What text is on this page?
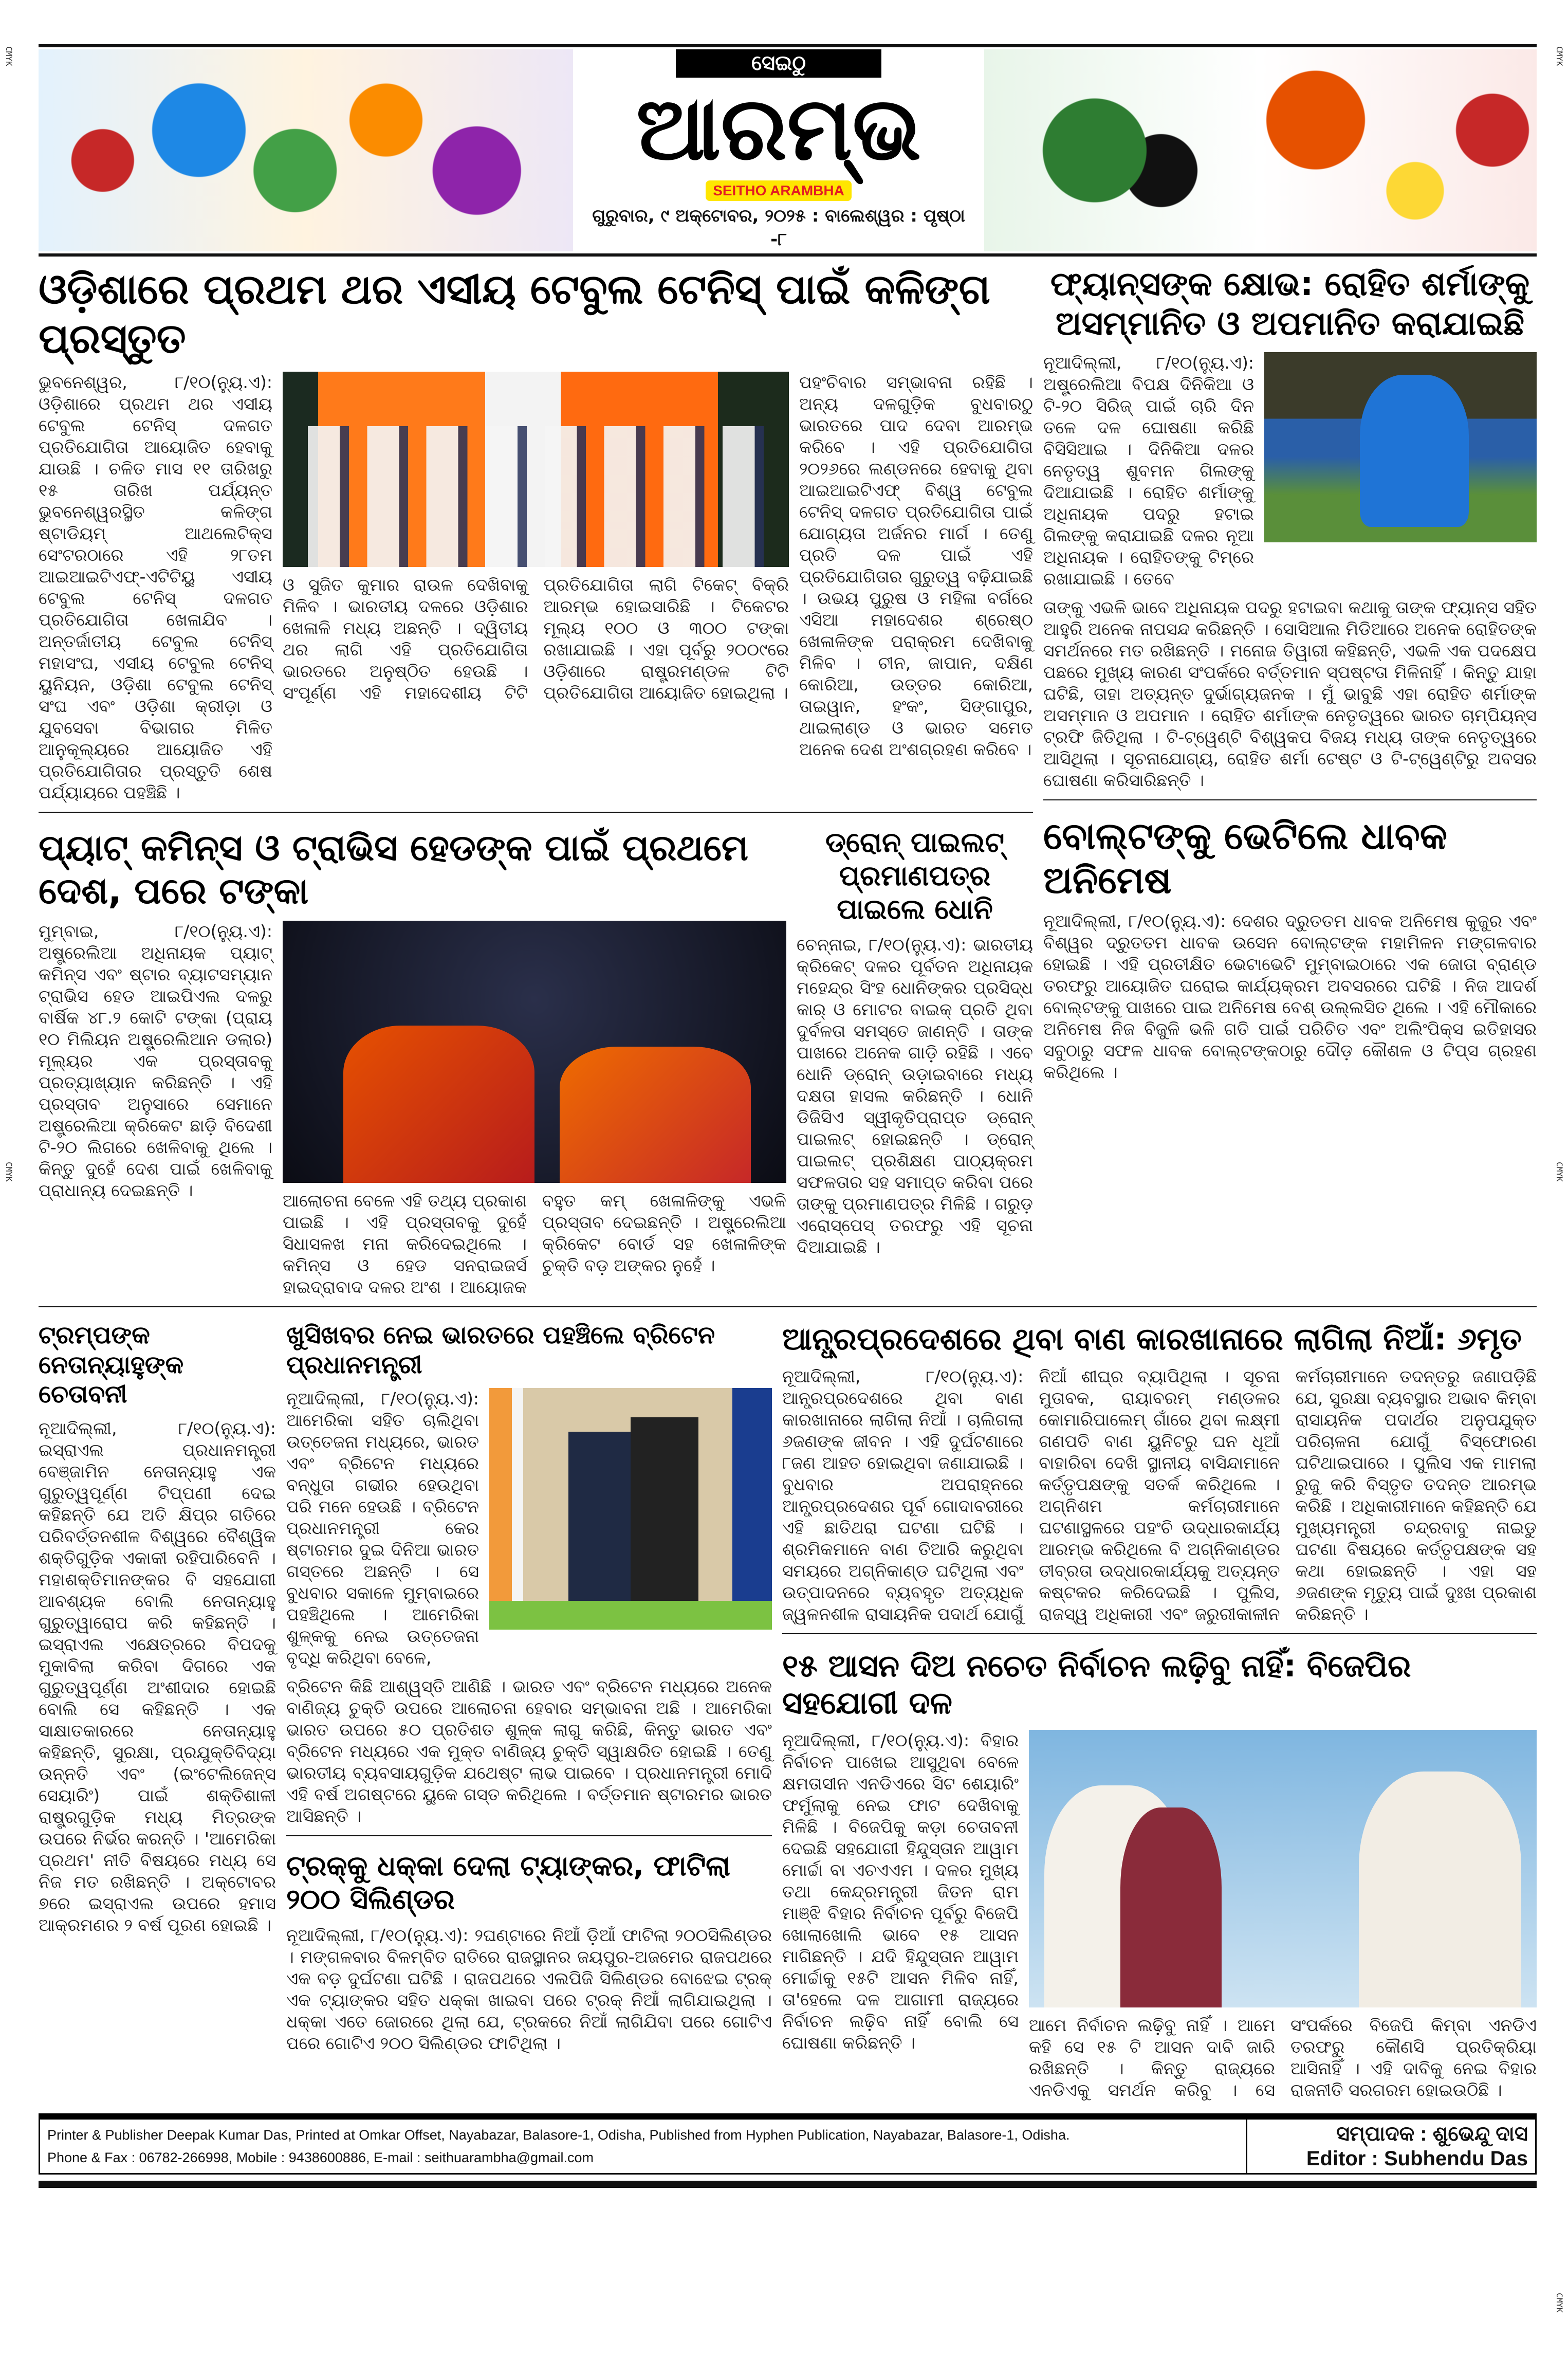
CMYK	CMYK
CMYK	CMYK
CMYK
ସେଇଠୁ
ଆରମ୍ଭ
SEITHO ARAMBHA
ଗୁରୁବାର, ୯ ଅକ୍ଟୋବର, ୨୦୨୫ : ବାଲେଶ୍ୱର : ପୃଷ୍ଠା -୮
ଓଡ଼ିଶାରେ ପ୍ରଥମ ଥର ଏସୀୟ ଟେବୁଲ ଟେନିସ୍ ପାଇଁ କଳିଙ୍ଗ ପ୍ରସ୍ତୁତ
ଭୁବନେଶ୍ୱର, ୮/୧୦(ନ୍ୟୁ.ଏ): ଓଡ଼ିଶାରେ ପ୍ରଥମ ଥର ଏସୀୟ ଟେବୁଲ ଟେନିସ୍ ଦଳଗତ ପ୍ରତିଯୋଗିତା ଆୟୋଜିତ ହେବାକୁ ଯାଉଛି । ଚଳିତ ମାସ ୧୧ ତାରିଖରୁ ୧୫ ତାରିଖ ପର୍ଯ୍ୟନ୍ତ ଭୁବନେଶ୍ୱରସ୍ଥିତ କଳିଙ୍ଗ ଷ୍ଟାଡିୟମ୍ ଆଥଲେଟିକ୍ସ ସେଂଟରଠାରେ ଏହି ୨୮ତମ ଆଇଆଇଟିଏଫ୍-ଏଟିଟିୟୁ ଏସୀୟ ଟେବୁଲ ଟେନିସ୍ ଦଳଗତ ପ୍ରତିଯୋଗିତା ଖେଳାଯିବ । ଅନ୍ତର୍ଜାତୀୟ ଟେବୁଲ ଟେନିସ୍ ମହାସଂଘ, ଏସୀୟ ଟେବୁଲ ଟେନିସ୍ ୟୁନିୟନ, ଓଡ଼ିଶା ଟେବୁଲ ଟେନିସ୍ ସଂଘ ଏବଂ ଓଡ଼ିଶା କ୍ରୀଡ଼ା ଓ ଯୁବସେବା ବିଭାଗର ମିଳିତ ଆନୁକୂଲ୍ୟରେ ଆୟୋଜିତ ଏହି ପ୍ରତିଯୋଗିତାର ପ୍ରସ୍ତୁତି ଶେଷ ପର୍ଯ୍ୟାୟରେ ପହଞ୍ଚିଛି ।
ଓ ସୁଜିତ କୁମାର ରାଉଳ ଦେଖିବାକୁ ମିଳିବ । ଭାରତୀୟ ଦଳରେ ଓଡ଼ିଶାର ଖେଳାଳି ମଧ୍ୟ ଅଛନ୍ତି । ଦ୍ୱିତୀୟ ଥର ଲାଗି ଏହି ପ୍ରତିଯୋଗିତା ଭାରତରେ ଅନୁଷ୍ଠିତ ହେଉଛି । ସଂପୂର୍ଣ୍ଣ ଏହି ମହାଦେଶୀୟ ଟିଟି ପ୍ରତିଯୋଗିତା ଲାଗି ଟିକେଟ୍ ବିକ୍ରି ଆରମ୍ଭ ହୋଇସାରିଛି । ଟିକେଟର ମୂଲ୍ୟ ୧୦୦ ଓ ୩୦୦ ଟଙ୍କା ରଖାଯାଇଛି । ଏହା ପୂର୍ବରୁ ୨୦୦୯ରେ ଓଡ଼ିଶାରେ ରାଷ୍ଟ୍ରମଣ୍ଡଳ ଟିଟି ପ୍ରତିଯୋଗିତା ଆୟୋଜିତ ହୋଇଥିଲା ।
ପହଂଚିବାର ସମ୍ଭାବନା ରହିଛି । ଅନ୍ୟ ଦଳଗୁଡ଼ିକ ବୁଧବାରଠୁ ଭାରତରେ ପାଦ ଦେବା ଆରମ୍ଭ କରିବେ । ଏହି ପ୍ରତିଯୋଗିତା ୨୦୨୬ରେ ଲଣ୍ଡନରେ ହେବାକୁ ଥିବା ଆଇଆଇଟିଏଫ୍ ବିଶ୍ୱ ଟେବୁଲ ଟେନିସ୍ ଦଳଗତ ପ୍ରତିଯୋଗିତା ପାଇଁ ଯୋଗ୍ୟତା ଅର୍ଜନର ମାର୍ଗ । ତେଣୁ ପ୍ରତି ଦଳ ପାଇଁ ଏହି ପ୍ରତିଯୋଗିତାର ଗୁରୁତ୍ୱ ବଢ଼ିଯାଇଛି । ଉଭୟ ପୁରୁଷ ଓ ମହିଳା ବର୍ଗରେ ଏସିଆ ମହାଦେଶର ଶ୍ରେଷ୍ଠ ଖେଳାଳିଙ୍କ ପରାକ୍ରମ ଦେଖିବାକୁ ମିଳିବ । ଚୀନ, ଜାପାନ, ଦକ୍ଷିଣ କୋରିଆ, ଉତ୍ତର କୋରିଆ, ତାଇୱାନ, ହଂକଂ, ସିଙ୍ଗାପୁର, ଥାଇଲାଣ୍ଡ ଓ ଭାରତ ସମେତ ଅନେକ ଦେଶ ଅଂଶଗ୍ରହଣ କରିବେ ।
ପ୍ୟାଟ୍ କମିନ୍ସ ଓ ଟ୍ରାଭିସ ହେଡଙ୍କ ପାଇଁ ପ୍ରଥମେ ଦେଶ, ପରେ ଟଙ୍କା
ମୁମ୍ବାଇ, ୮/୧୦(ନ୍ୟୁ.ଏ): ଅଷ୍ଟ୍ରେଲିଆ ଅଧିନାୟକ ପ୍ୟାଟ୍ କମିନ୍ସ ଏବଂ ଷ୍ଟାର ବ୍ୟାଟସମ୍ୟାନ ଟ୍ରାଭିସ ହେଡ ଆଇପିଏଲ ଦଳରୁ ବାର୍ଷିକ ୪୮.୨ କୋଟି ଟଙ୍କା (ପ୍ରାୟ ୧୦ ମିଲିୟନ ଅଷ୍ଟ୍ରେଲିଆନ ଡଲାର) ମୂଲ୍ୟର ଏକ ପ୍ରସ୍ତାବକୁ ପ୍ରତ୍ୟାଖ୍ୟାନ କରିଛନ୍ତି । ଏହି ପ୍ରସ୍ତାବ ଅନୁସାରେ ସେମାନେ ଅଷ୍ଟ୍ରେଲିଆ କ୍ରିକେଟ ଛାଡ଼ି ବିଦେଶୀ ଟି-୨୦ ଲିଗରେ ଖେଳିବାକୁ ଥିଲେ । କିନ୍ତୁ ଦୁହେଁ ଦେଶ ପାଇଁ ଖେଳିବାକୁ ପ୍ରାଧାନ୍ୟ ଦେଇଛନ୍ତି ।
ଆଲୋଚନା ବେଳେ ଏହି ତଥ୍ୟ ପ୍ରକାଶ ପାଇଛି । ଏହି ପ୍ରସ୍ତାବକୁ ଦୁହେଁ ସିଧାସଳଖ ମନା କରିଦେଇଥିଲେ । କମିନ୍ସ ଓ ହେଡ ସନରାଇଜର୍ସ ହାଇଦ୍ରାବାଦ ଦଳର ଅଂଶ । ଆୟୋଜକ ବହୁତ କମ୍ ଖେଳାଳିଙ୍କୁ ଏଭଳି ପ୍ରସ୍ତାବ ଦେଇଛନ୍ତି । ଅଷ୍ଟ୍ରେଲିଆ କ୍ରିକେଟ ବୋର୍ଡ ସହ ଖେଳାଳିଙ୍କ ଚୁକ୍ତି ବଡ଼ ଅଙ୍କର ନୁହେଁ ।
ଡ୍ରୋନ୍ ପାଇଲଟ୍ ପ୍ରମାଣପତ୍ର ପାଇଲେ ଧୋନି
ଚେନ୍ନାଇ, ୮/୧୦(ନ୍ୟୁ.ଏ): ଭାରତୀୟ କ୍ରିକେଟ୍ ଦଳର ପୂର୍ବତନ ଅଧିନାୟକ ମହେନ୍ଦ୍ର ସିଂହ ଧୋନିଙ୍କର ପ୍ରସିଦ୍ଧ କାର୍ ଓ ମୋଟର ବାଇକ୍ ପ୍ରତି ଥିବା ଦୁର୍ବଳତା ସମସ୍ତେ ଜାଣନ୍ତି । ତାଙ୍କ ପାଖରେ ଅନେକ ଗାଡ଼ି ରହିଛି । ଏବେ ଧୋନି ଡ୍ରୋନ୍ ଉଡ଼ାଇବାରେ ମଧ୍ୟ ଦକ୍ଷତା ହାସଲ କରିଛନ୍ତି । ଧୋନି ଡିଜିସିଏ ସ୍ୱୀକୃତିପ୍ରାପ୍ତ ଡ୍ରୋନ୍ ପାଇଲଟ୍ ହୋଇଛନ୍ତି । ଡ୍ରୋନ୍ ପାଇଲଟ୍ ପ୍ରଶିକ୍ଷଣ ପାଠ୍ୟକ୍ରମ ସଫଳତାର ସହ ସମାପ୍ତ କରିବା ପରେ ତାଙ୍କୁ ପ୍ରମାଣପତ୍ର ମିଳିଛି । ଗରୁଡ଼ ଏରୋସ୍ପେସ୍ ତରଫରୁ ଏହି ସୂଚନା ଦିଆଯାଇଛି ।
ଫ୍ୟାନ୍ସଙ୍କ କ୍ଷୋଭ: ରୋହିତ ଶର୍ମାଙ୍କୁ ଅସମ୍ମାନିତ ଓ ଅପମାନିତ କରାଯାଇଛି
ନୂଆଦିଲ୍ଲୀ, ୮/୧୦(ନ୍ୟୁ.ଏ): ଅଷ୍ଟ୍ରେଲିଆ ବିପକ୍ଷ ଦିନିକିଆ ଓ ଟି-୨୦ ସିରିଜ୍ ପାଇଁ ଚାରି ଦିନ ତଳେ ଦଳ ଘୋଷଣା କରିଛି ବିସିସିଆଇ । ଦିନିକିଆ ଦଳର ନେତୃତ୍ୱ ଶୁବମନ ଗିଲଙ୍କୁ ଦିଆଯାଇଛି । ରୋହିତ ଶର୍ମାଙ୍କୁ ଅଧିନାୟକ ପଦରୁ ହଟାଇ ଗିଲଙ୍କୁ କରାଯାଇଛି ଦଳର ନୂଆ ଅଧିନାୟକ । ରୋହିତଙ୍କୁ ଟିମ୍‌ରେ ରଖାଯାଇଛି । ତେବେ
ତାଙ୍କୁ ଏଭଳି ଭାବେ ଅଧିନାୟକ ପଦରୁ ହଟାଇବା କଥାକୁ ତାଙ୍କ ଫ୍ୟାନ୍ସ ସହିତ ଆହୁରି ଅନେକ ନାପସନ୍ଦ କରିଛନ୍ତି । ସୋସିଆଲ ମିଡିଆରେ ଅନେକ ରୋହିତଙ୍କ ସମର୍ଥନରେ ମତ ରଖିଛନ୍ତି । ମନୋଜ ତିୱାରୀ କହିଛନ୍ତି, ଏଭଳି ଏକ ପଦକ୍ଷେପ ପଛରେ ମୁଖ୍ୟ କାରଣ ସଂପର୍କରେ ବର୍ତ୍ତମାନ ସ୍ପଷ୍ଟତା ମିଳିନାହିଁ । କିନ୍ତୁ ଯାହା ଘଟିଛି, ତାହା ଅତ୍ୟନ୍ତ ଦୁର୍ଭାଗ୍ୟଜନକ । ମୁଁ ଭାବୁଛି ଏହା ରୋହିତ ଶର୍ମାଙ୍କ ଅସମ୍ମାନ ଓ ଅପମାନ । ରୋହିତ ଶର୍ମାଙ୍କ ନେତୃତ୍ୱରେ ଭାରତ ଚାମ୍ପିୟନ୍ସ ଟ୍ରଫି ଜିତିଥିଲା । ଟି-ଟ୍ୱେଣ୍ଟି ବିଶ୍ୱକପ ବିଜୟ ମଧ୍ୟ ତାଙ୍କ ନେତୃତ୍ୱରେ ଆସିଥିଲା । ସୂଚନାଯୋଗ୍ୟ, ରୋହିତ ଶର୍ମା ଟେଷ୍ଟ ଓ ଟି-ଟ୍ୱେଣ୍ଟିରୁ ଅବସର ଘୋଷଣା କରିସାରିଛନ୍ତି ।
ବୋଲ୍ଟଙ୍କୁ ଭେଟିଲେ ଧାବକ ଅନିମେଷ
ନୂଆଦିଲ୍ଲୀ, ୮/୧୦(ନ୍ୟୁ.ଏ): ଦେଶର ଦ୍ରୁତତମ ଧାବକ ଅନିମେଷ କୁଜୁର ଏବଂ ବିଶ୍ୱର ଦ୍ରୁତତମ ଧାବକ ଉସେନ ବୋଲ୍ଟଙ୍କ ମହାମିଳନ ମଙ୍ଗଳବାର ହୋଇଛି । ଏହି ପ୍ରତୀକ୍ଷିତ ଭେଟାଭେଟି ମୁମ୍ବାଇଠାରେ ଏକ ଜୋତା ବ୍ରାଣ୍ଡ ତରଫରୁ ଆୟୋଜିତ ଘରୋଇ କାର୍ଯ୍ୟକ୍ରମ ଅବସରରେ ଘଟିଛି । ନିଜ ଆଦର୍ଶ ବୋଲ୍ଟଙ୍କୁ ପାଖରେ ପାଇ ଅନିମେଷ ବେଶ୍ ଉଲ୍ଲସିତ ଥିଲେ । ଏହି ମୌକାରେ ଅନିମେଷ ନିଜ ବିଜୁଳି ଭଳି ଗତି ପାଇଁ ପରିଚିତ ଏବଂ ଅଲିଂପିକ୍ସ ଇତିହାସର ସବୁଠାରୁ ସଫଳ ଧାବକ ବୋଲ୍ଟଙ୍କଠାରୁ ଦୌଡ଼ କୌଶଳ ଓ ଟିପ୍ସ ଗ୍ରହଣ କରିଥିଲେ ।
ଟ୍ରମ୍ପଙ୍କ ନେତାନ୍ୟାହୁଙ୍କ ଚେତାବନୀ
ନୂଆଦିଲ୍ଲୀ, ୮/୧୦(ନ୍ୟୁ.ଏ): ଇସ୍ରାଏଲ ପ୍ରଧାନମନ୍ତ୍ରୀ ବେଞ୍ଜାମିନ ନେତାନ୍ୟାହୁ ଏକ ଗୁରୁତ୍ୱପୂର୍ଣ୍ଣ ଟିପ୍ପଣୀ ଦେଇ କହିଛନ୍ତି ଯେ ଅତି କ୍ଷିପ୍ର ଗତିରେ ପରିବର୍ତ୍ତନଶୀଳ ବିଶ୍ୱରେ ବୈଶ୍ୱିକ ଶକ୍ତିଗୁଡ଼ିକ ଏକାକୀ ରହିପାରିବେନି । ମହାଶକ୍ତିମାନଙ୍କର ବି ସହଯୋଗୀ ଆବଶ୍ୟକ ବୋଲି ନେତାନ୍ୟାହୁ ଗୁରୁତ୍ୱାରୋପ କରି କହିଛନ୍ତି । ଇସ୍ରାଏଲ ଏକ୍ଷେତ୍ରରେ ବିପଦକୁ ମୁକାବିଲା କରିବା ଦିଗରେ ଏକ ଗୁରୁତ୍ୱପୂର୍ଣ୍ଣ ଅଂଶୀଦାର ହୋଇଛି ବୋଲି ସେ କହିଛନ୍ତି । ଏକ ସାକ୍ଷାତକାରରେ ନେତାନ୍ୟାହୁ କହିଛନ୍ତି, ସୁରକ୍ଷା, ପ୍ରଯୁକ୍ତିବିଦ୍ୟା ଉନ୍ନତି ଏବଂ (ଇଂଟେଲିଜେନ୍ସ ସେୟାରିଂ) ପାଇଁ ଶକ୍ତିଶାଳୀ ରାଷ୍ଟ୍ରଗୁଡ଼ିକ ମଧ୍ୟ ମିତ୍ରଙ୍କ ଉପରେ ନିର୍ଭର କରନ୍ତି । 'ଆମେରିକା ପ୍ରଥମ' ନୀତି ବିଷୟରେ ମଧ୍ୟ ସେ ନିଜ ମତ ରଖିଛନ୍ତି । ଅକ୍ଟୋବର ୭ରେ ଇସ୍ରାଏଲ ଉପରେ ହମାସ ଆକ୍ରମଣର ୨ ବର୍ଷ ପୂରଣ ହୋଇଛି ।
ଖୁସିଖବର ନେଇ ଭାରତରେ ପହଞ୍ଚିଲେ ବ୍ରିଟେନ ପ୍ରଧାନମନ୍ତ୍ରୀ
ନୂଆଦିଲ୍ଲୀ, ୮/୧୦(ନ୍ୟୁ.ଏ): ଆମେରିକା ସହିତ ଚାଲିଥିବା ଉତ୍ତେଜନା ମଧ୍ୟରେ, ଭାରତ ଏବଂ ବ୍ରିଟେନ ମଧ୍ୟରେ ବନ୍ଧୁତା ଗଭୀର ହେଉଥିବା ପରି ମନେ ହେଉଛି । ବ୍ରିଟେନ ପ୍ରଧାନମନ୍ତ୍ରୀ କେର ଷ୍ଟାରମର ଦୁଇ ଦିନିଆ ଭାରତ ଗସ୍ତରେ ଅଛନ୍ତି । ସେ ବୁଧବାର ସକାଳେ ମୁମ୍ବାଇରେ ପହଞ୍ଚିଥିଲେ । ଆମେରିକା ଶୁଳ୍କକୁ ନେଇ ଉତ୍ତେଜନା ବୃଦ୍ଧି କରିଥିବା ବେଳେ,
ବ୍ରିଟେନ କିଛି ଆଶ୍ୱସ୍ତି ଆଣିଛି । ଭାରତ ଏବଂ ବ୍ରିଟେନ ମଧ୍ୟରେ ଅନେକ ବାଣିଜ୍ୟ ଚୁକ୍ତି ଉପରେ ଆଲୋଚନା ହେବାର ସମ୍ଭାବନା ଅଛି । ଆମେରିକା ଭାରତ ଉପରେ ୫୦ ପ୍ରତିଶତ ଶୁଳ୍କ ଲାଗୁ କରିଛି, କିନ୍ତୁ ଭାରତ ଏବଂ ବ୍ରିଟେନ ମଧ୍ୟରେ ଏକ ମୁକ୍ତ ବାଣିଜ୍ୟ ଚୁକ୍ତି ସ୍ୱାକ୍ଷରିତ ହୋଇଛି । ତେଣୁ ଭାରତୀୟ ବ୍ୟବସାୟଗୁଡ଼ିକ ଯଥେଷ୍ଟ ଲାଭ ପାଇବେ । ପ୍ରଧାନମନ୍ତ୍ରୀ ମୋଦି ଏହି ବର୍ଷ ଅଗଷ୍ଟରେ ୟୁକେ ଗସ୍ତ କରିଥିଲେ । ବର୍ତ୍ତମାନ ଷ୍ଟାରମର ଭାରତ ଆସିଛନ୍ତି ।
ଟ୍ରକ୍‌କୁ ଧକ୍କା ଦେଲା ଟ୍ୟାଙ୍କର, ଫାଟିଲା ୨୦୦ ସିଲିଣ୍ଡର
ନୂଆଦିଲ୍ଲୀ, ୮/୧୦(ନ୍ୟୁ.ଏ): ୨ଘଣ୍ଟାରେ ନିଆଁ ଡ଼ିଆଁ ଫାଟିଲା ୨୦୦ସିଲିଣ୍ଡର । ମଙ୍ଗଳବାର ବିଳମ୍ବିତ ରାତିରେ ରାଜସ୍ଥାନର ଜୟପୁର-ଅଜମେର ରାଜପଥରେ ଏକ ବଡ଼ ଦୁର୍ଘଟଣା ଘଟିଛି । ରାଜପଥରେ ଏଲପିଜି ସିଲିଣ୍ଡର ବୋଝେଇ ଟ୍ରକ୍ ଏକ ଟ୍ୟାଙ୍କର ସହିତ ଧକ୍କା ଖାଇବା ପରେ ଟ୍ରକ୍ ନିଆଁ ଲାଗିଯାଇଥିଲା । ଧକ୍କା ଏତେ ଜୋରରେ ଥିଲା ଯେ, ଟ୍ରକରେ ନିଆଁ ଲାଗିଯିବା ପରେ ଗୋଟିଏ ପରେ ଗୋଟିଏ ୨୦୦ ସିଲିଣ୍ଡର ଫାଟିଥିଲା ।
ଆନ୍ଧ୍ରପ୍ରଦେଶରେ ଥିବା ବାଣ କାରଖାନାରେ ଲାଗିଲା ନିଆଁ: ୬ମୃତ
ନୂଆଦିଲ୍ଲୀ, ୮/୧୦(ନ୍ୟୁ.ଏ): ଆନ୍ଧ୍ରପ୍ରଦେଶରେ ଥିବା ବାଣ କାରଖାନାରେ ଲାଗିଲା ନିଆଁ । ଚାଲିଗଲା ୬ଜଣଙ୍କ ଜୀବନ । ଏହି ଦୁର୍ଘଟଣାରେ ୮ଜଣ ଆହତ ହୋଇଥିବା ଜଣାଯାଇଛି । ବୁଧବାର ଅପରାହ୍ନରେ ଆନ୍ଧ୍ରପ୍ରଦେଶର ପୂର୍ବ ଗୋଦାବରୀରେ ଏହି ଛାତିଥରା ଘଟଣା ଘଟିଛି । ଶ୍ରମିକମାନେ ବାଣ ତିଆରି କରୁଥିବା ସମୟରେ ଅଗ୍ନିକାଣ୍ଡ ଘଟିଥିଲା ଏବଂ ଉତ୍ପାଦନରେ ବ୍ୟବହୃତ ଅତ୍ୟଧିକ ଜ୍ୱଳନଶୀଳ ରାସାୟନିକ ପଦାର୍ଥ ଯୋଗୁଁ ନିଆଁ ଶୀଘ୍ର ବ୍ୟାପିଥିଲା । ସୂଚନା ମୁତାବକ, ରାୟାବରମ୍ ମଣ୍ଡଳର କୋମାରିପାଲେମ୍ ଗାଁରେ ଥିବା ଲକ୍ଷ୍ମୀ ଗଣପତି ବାଣ ୟୁନିଟରୁ ଘନ ଧୂଆଁ ବାହାରିବା ଦେଖି ସ୍ଥାନୀୟ ବାସିନ୍ଦାମାନେ କର୍ତ୍ତୃପକ୍ଷଙ୍କୁ ସତର୍କ କରିଥିଲେ । ଅଗ୍ନିଶମ କର୍ମଚାରୀମାନେ ଘଟଣାସ୍ଥଳରେ ପହଂଚି ଉଦ୍ଧାରକାର୍ଯ୍ୟ ଆରମ୍ଭ କରିଥିଲେ ବି ଅଗ୍ନିକାଣ୍ଡର ତୀବ୍ରତା ଉଦ୍ଧାରକାର୍ଯ୍ୟକୁ ଅତ୍ୟନ୍ତ କଷ୍ଟକର କରିଦେଇଛି । ପୁଲିସ, ରାଜସ୍ୱ ଅଧିକାରୀ ଏବଂ ଜରୁରୀକାଳୀନ କର୍ମଚାରୀମାନେ ତଦନ୍ତରୁ ଜଣାପଡ଼ିଛି ଯେ, ସୁରକ୍ଷା ବ୍ୟବସ୍ଥାର ଅଭାବ କିମ୍ବା ରାସାୟନିକ ପଦାର୍ଥର ଅନୁପଯୁକ୍ତ ପରିଚାଳନା ଯୋଗୁଁ ବିସ୍ଫୋରଣ ଘଟିଥାଇପାରେ । ପୁଲିସ ଏକ ମାମଲା ରୁଜୁ କରି ବିସ୍ତୃତ ତଦନ୍ତ ଆରମ୍ଭ କରିଛି । ଅଧିକାରୀମାନେ କହିଛନ୍ତି ଯେ ମୁଖ୍ୟମନ୍ତ୍ରୀ ଚନ୍ଦ୍ରବାବୁ ନାଇଡୁ ଘଟଣା ବିଷୟରେ କର୍ତ୍ତୃପକ୍ଷଙ୍କ ସହ କଥା ହୋଇଛନ୍ତି । ଏହା ସହ ୬ଜଣଙ୍କ ମୃତ୍ୟୁ ପାଇଁ ଦୁଃଖ ପ୍ରକାଶ କରିଛନ୍ତି ।
୧୫ ଆସନ ଦିଅ ନଚେତ ନିର୍ବାଚନ ଲଢ଼ିବୁ ନାହିଁ: ବିଜେପିର ସହଯୋଗୀ ଦଳ
ନୂଆଦିଲ୍ଲୀ, ୮/୧୦(ନ୍ୟୁ.ଏ): ବିହାର ନିର୍ବାଚନ ପାଖେଇ ଆସୁଥିବା ବେଳେ କ୍ଷମତାସୀନ ଏନଡିଏରେ ସିଟ ଶେୟାରିଂ ଫର୍ମୁଲାକୁ ନେଇ ଫାଟ ଦେଖିବାକୁ ମିଳିଛି । ବିଜେପିକୁ କଡ଼ା ଚେତାବନୀ ଦେଇଛି ସହଯୋଗୀ ହିନ୍ଦୁସ୍ତାନ ଆୱାମ ମୋର୍ଚ୍ଚା ବା ଏଚଏଏମ । ଦଳର ମୁଖ୍ୟ ତଥା କେନ୍ଦ୍ରମନ୍ତ୍ରୀ ଜିତନ ରାମ ମାଞ୍ଝି ବିହାର ନିର୍ବାଚନ ପୂର୍ବରୁ ବିଜେପି ଖୋଲାଖୋଲି ଭାବେ ୧୫ ଆସନ ମାଗିଛନ୍ତି । ଯଦି ହିନ୍ଦୁସ୍ତାନ ଆୱାମ ମୋର୍ଚ୍ଚାକୁ ୧୫ଟି ଆସନ ମିଳିବ ନାହିଁ, ତା'ହେଲେ ଦଳ ଆଗାମୀ ରାଜ୍ୟରେ ନିର୍ବାଚନ ଲଢ଼ିବ ନାହିଁ ବୋଲି ସେ ଘୋଷଣା କରିଛନ୍ତି ।
ଆମେ ନିର୍ବାଚନ ଲଢ଼ିବୁ ନାହିଁ । ଆମେ କହି ସେ ୧୫ ଟି ଆସନ ଦାବି ଜାରି ରଖିଛନ୍ତି । କିନ୍ତୁ ରାଜ୍ୟରେ ଏନଡିଏକୁ ସମର୍ଥନ କରିବୁ । ସେ ସଂପର୍କରେ ବିଜେପି କିମ୍ବା ଏନଡିଏ ତରଫରୁ କୌଣସି ପ୍ରତିକ୍ରିୟା ଆସିନାହିଁ । ଏହି ଦାବିକୁ ନେଇ ବିହାର ରାଜନୀତି ସରଗରମ ହୋଇଉଠିଛି ।
Printer & Publisher Deepak Kumar Das, Printed at Omkar Offset, Nayabazar, Balasore-1, Odisha, Published from Hyphen Publication, Nayabazar, Balasore-1, Odisha.
Phone & Fax : 06782-266998, Mobile : 9438600886, E-mail : seithuarambha@gmail.com
ସମ୍ପାଦକ : ଶୁଭେନ୍ଦୁ ଦାସ
Editor : Subhendu Das
